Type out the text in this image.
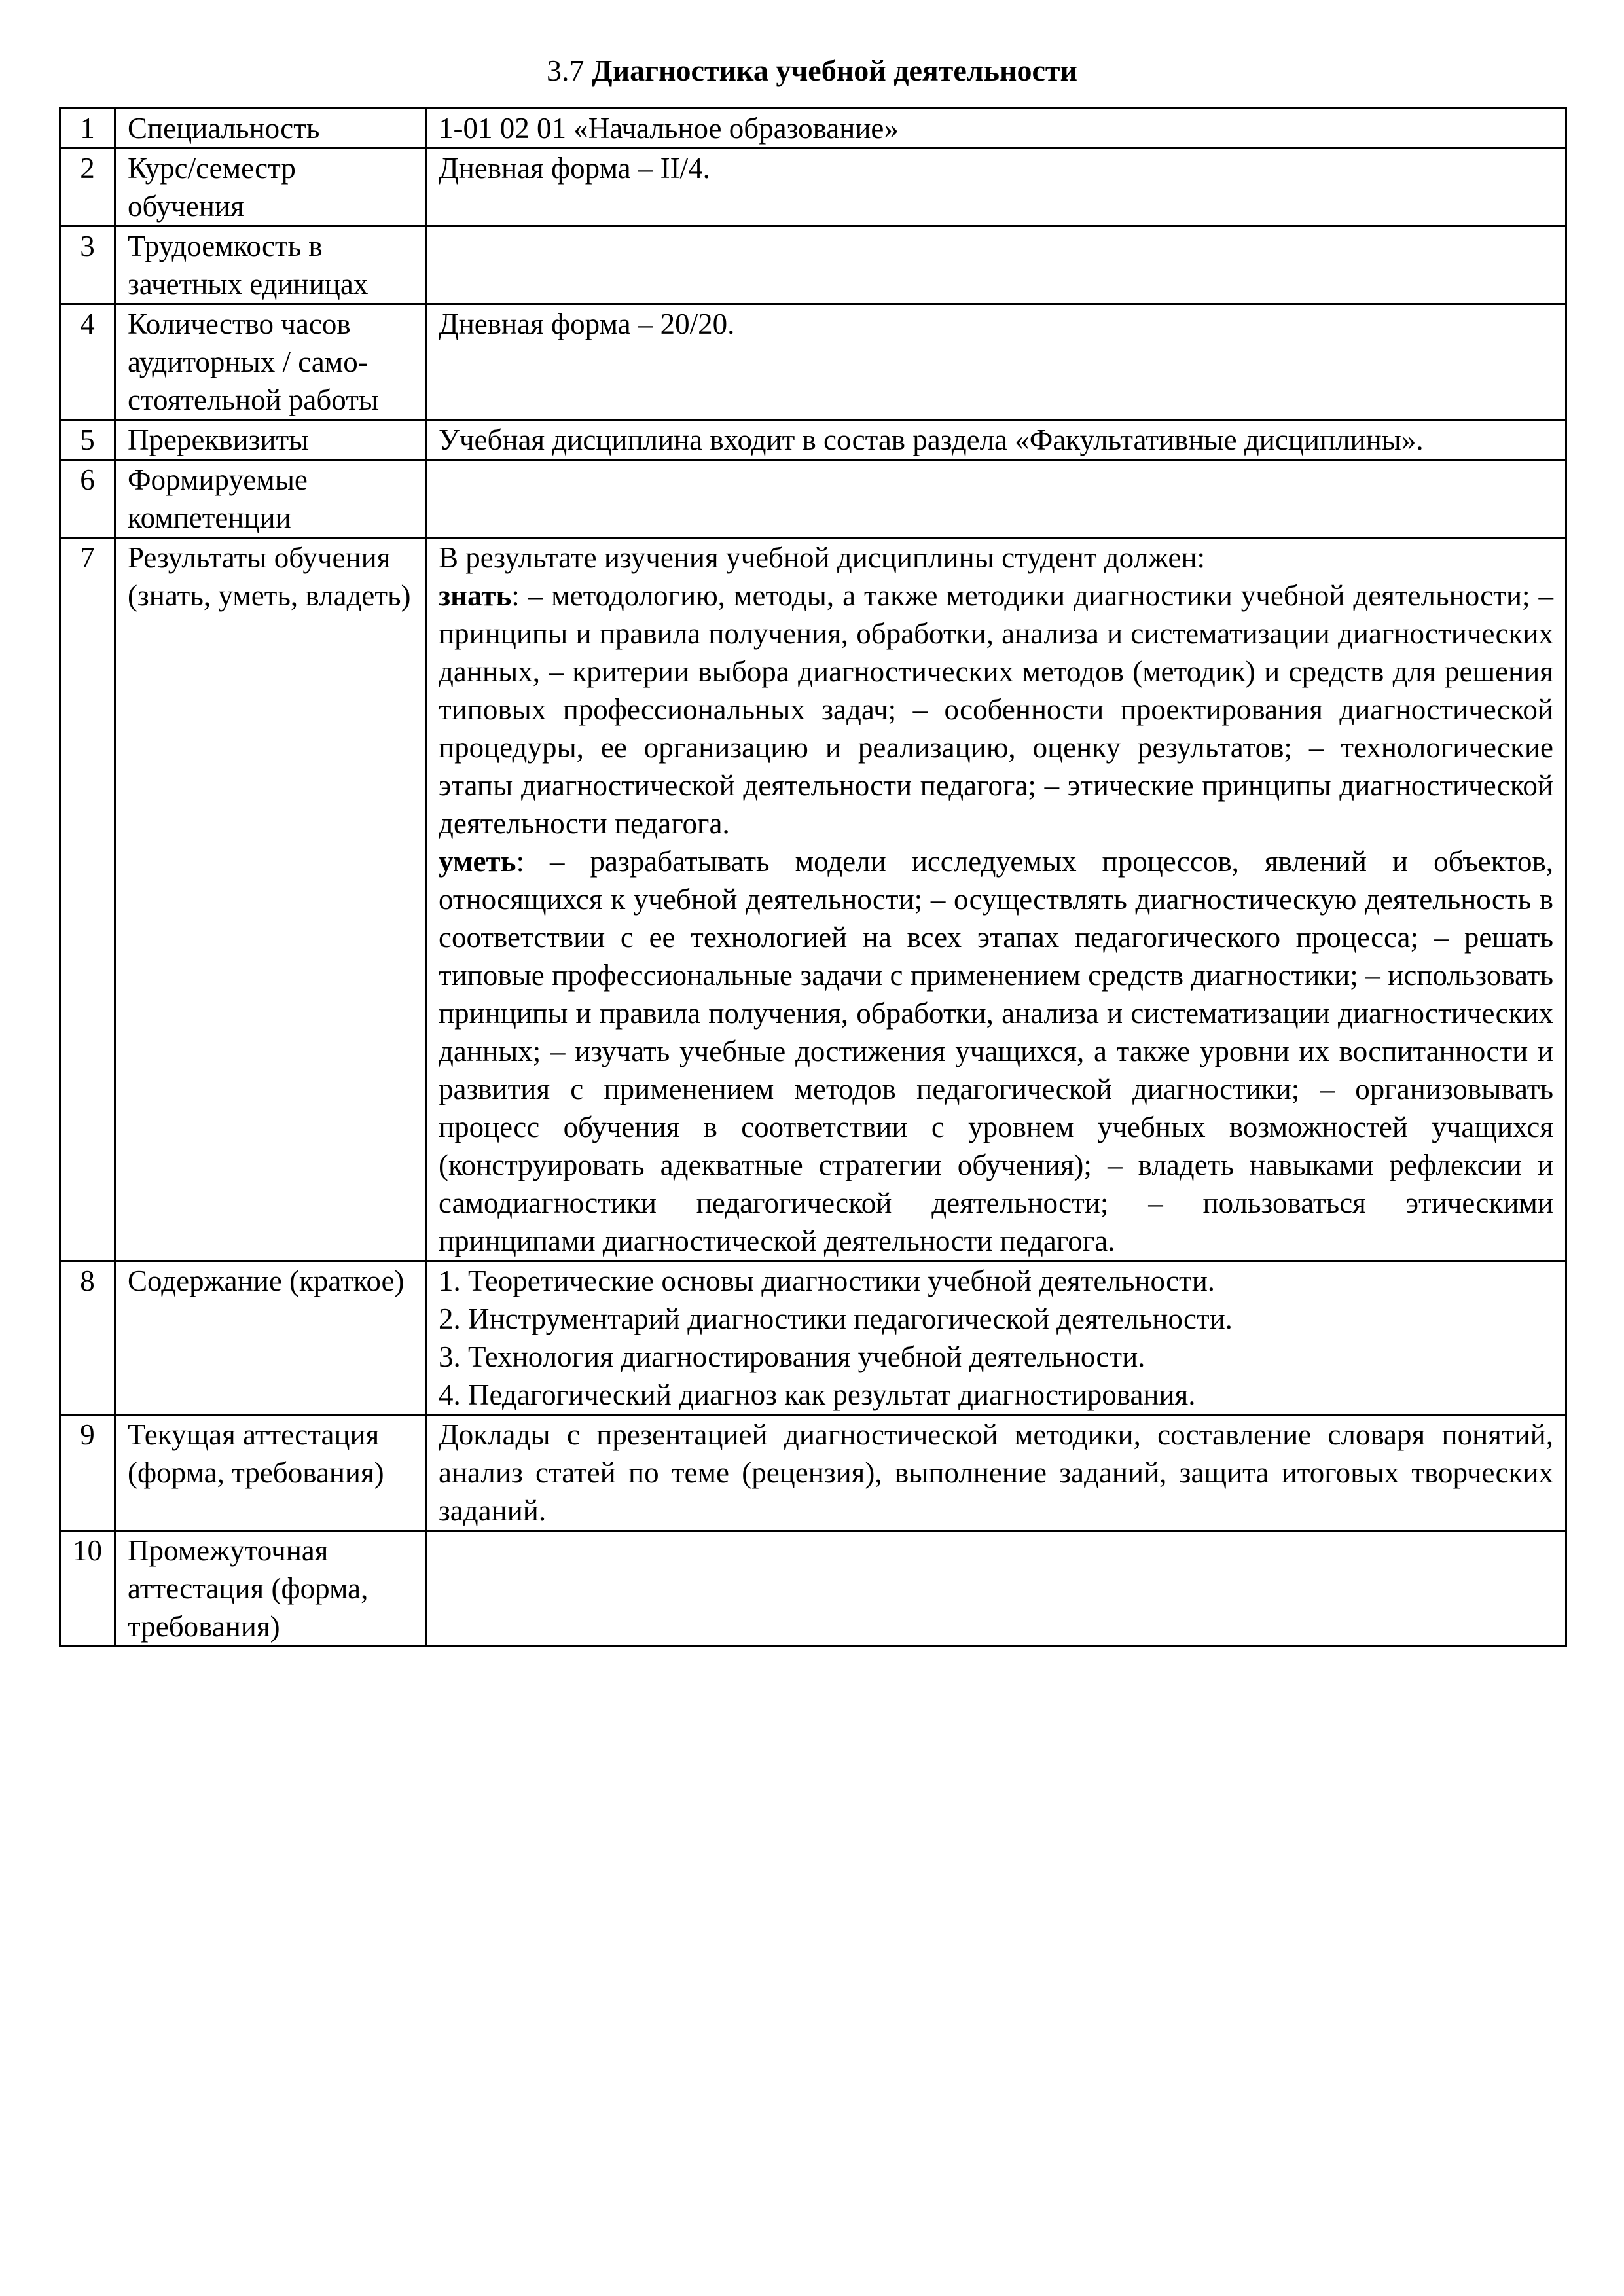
3.7 Диагностика учебной деятельности
1	Специальность	1-01 02 01 «Начальное образование»
2	Курс/семестр обучения	Дневная форма – II/4.
3	Трудоемкость в зачетных единицах	
4	Количество часов аудиторных / само-стоятельной работы	Дневная форма – 20/20.
5	Пререквизиты	Учебная дисциплина входит в состав раздела «Факультативные дисциплины».
6	Формируемые компетенции	
7	Результаты обучения (знать, уметь, владеть)	В результате изучения учебной дисциплины студент должен:

знать: – методологию, методы, а также методики диагностики учебной деятельности; – принципы и правила получения, обработки, анализа и систематизации диагностических данных, – критерии выбора диагностических методов (методик) и средств для решения типовых профессиональных задач; – особенности проектирования диагностической процедуры, ее организацию и реализацию, оценку результатов; – технологические этапы диагностической деятельности педагога; – этические принципы диагностической деятельности педагога.

уметь: – разрабатывать модели исследуемых процессов, явлений и объектов, относящихся к учебной деятельности; – осуществлять диагностическую деятельность в соответствии с ее технологией на всех этапах педагогического процесса; – решать типовые профессиональные задачи с применением средств диагностики; – использовать принципы и правила получения, обработки, анализа и систематизации диагностических данных; – изучать учебные достижения учащихся, а также уровни их воспитанности и развития с применением методов педагогической диагностики; – организовывать процесс обучения в соответствии с уровнем учебных возможностей учащихся (конструировать адекватные стратегии обучения); – владеть навыками рефлексии и самодиагностики педагогической деятельности; – пользоваться этическими принципами диагностической деятельности педагога.

8	Содержание (краткое)	1. Теоретические основы диагностики учебной деятельности.
2. Инструментарий диагностики педагогической деятельности.
3. Технология диагностирования учебной деятельности.
4. Педагогический диагноз как результат диагностирования.

9	Текущая аттестация (форма, требования)	Доклады с презентацией диагностической методики, составление словаря понятий, анализ статей по теме (рецензия), выполнение заданий, защита итоговых творческих заданий.
10	Промежуточная аттестация (форма, требования)	
